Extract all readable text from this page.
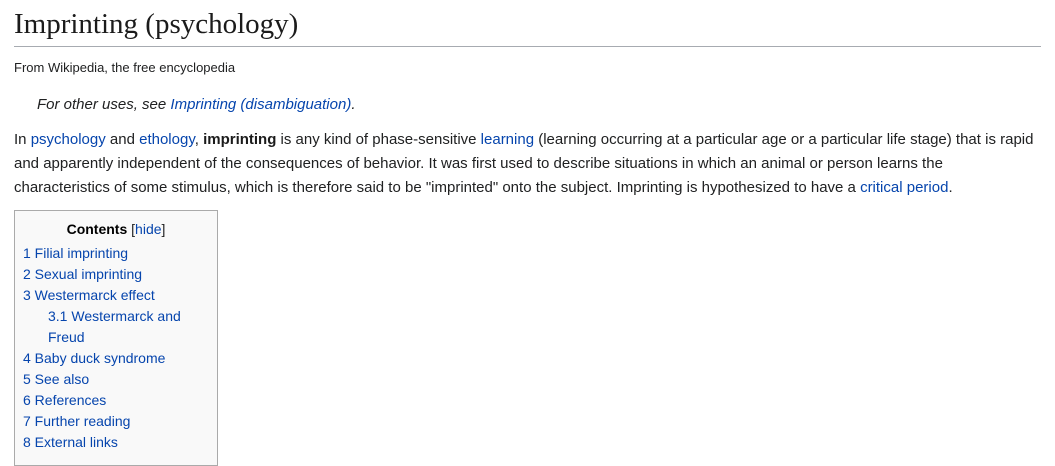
Imprinting (psychology)
From Wikipedia, the free encyclopedia
For other uses, see Imprinting (disambiguation).
In psychology and ethology, imprinting is any kind of phase-sensitive learning (learning occurring at a particular age or a particular life stage) that is rapid and apparently independent of the consequences of behavior. It was first used to describe situations in which an animal or person learns the characteristics of some stimulus, which is therefore said to be "imprinted" onto the subject. Imprinting is hypothesized to have a critical period.
Contents [hide]
1 Filial imprinting
2 Sexual imprinting
3 Westermarck effect
3.1 Westermarck and Freud
4 Baby duck syndrome
5 See also
6 References
7 Further reading
8 External links
